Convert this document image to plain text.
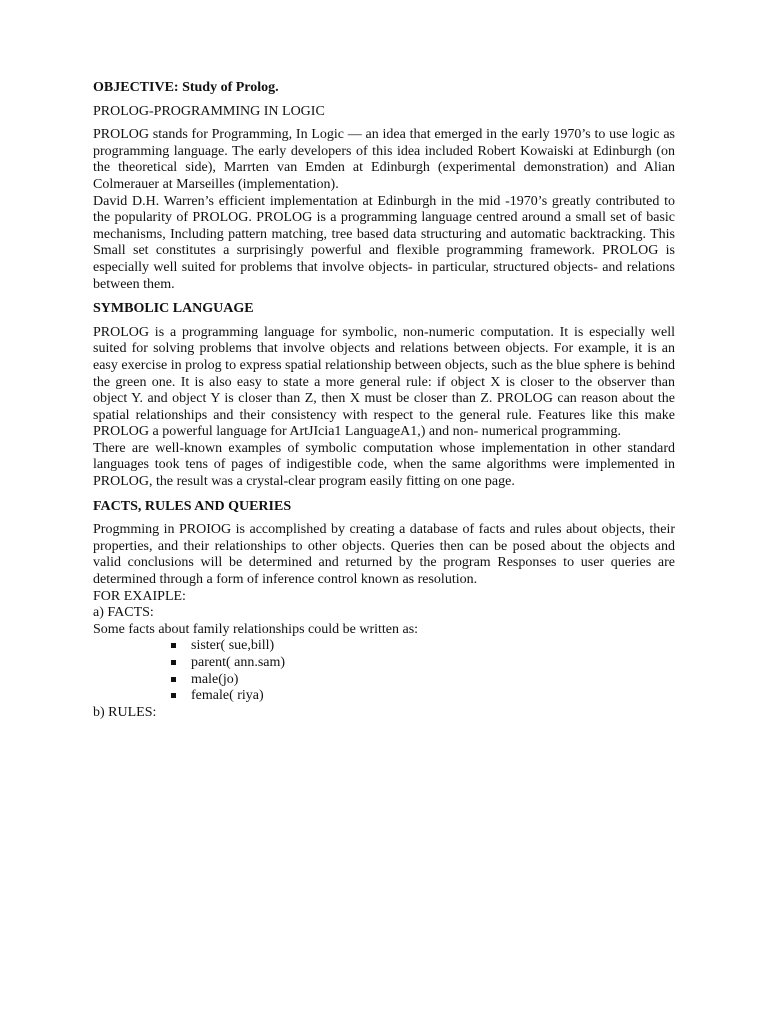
OBJECTIVE: Study of Prolog.

PROLOG-PROGRAMMING IN LOGIC

PROLOG stands for Programming, In Logic — an idea that emerged in the early 1970’s to use logic as programming language. The early developers of this idea included Robert Kowaiski at Edinburgh (on the theoretical side), Marrten van Emden at Edinburgh (experimental demonstration) and Alian Colmerauer at Marseilles (implementation).

David D.H. Warren’s efficient implementation at Edinburgh in the mid -1970’s greatly contributed to the popularity of PROLOG. PROLOG is a programming language centred around a small set of basic mechanisms, Including pattern matching, tree based data structuring and automatic backtracking. This Small set constitutes a surprisingly powerful and flexible programming framework. PROLOG is especially well suited for problems that involve objects- in particular, structured objects- and relations between them.

SYMBOLIC LANGUAGE

PROLOG is a programming language for symbolic, non-numeric computation. It is especially well suited for solving problems that involve objects and relations between objects. For example, it is an easy exercise in prolog to express spatial relationship between objects, such as the blue sphere is behind the green one. It is also easy to state a more general rule: if object X is closer to the observer than object Y. and object Y is closer than Z, then X must be closer than Z. PROLOG can reason about the spatial relationships and their consistency with respect to the general rule. Features like this make PROLOG a powerful language for ArtJIcia1 LanguageA1,) and non- numerical programming.

There are well-known examples of symbolic computation whose implementation in other standard languages took tens of pages of indigestible code, when the same algorithms were implemented in PROLOG, the result was a crystal-clear program easily fitting on one page.

FACTS, RULES AND QUERIES

Progmming in PROIOG is accomplished by creating a database of facts and rules about objects, their properties, and their relationships to other objects. Queries then can be posed about the objects and valid conclusions will be determined and returned by the program Responses to user queries are determined through a form of inference control known as resolution.

FOR EXAIPLE:

a) FACTS:

Some facts about family relationships could be written as:

sister( sue,bill)
parent( ann.sam)
male(jo)
female( riya)

b) RULES:
